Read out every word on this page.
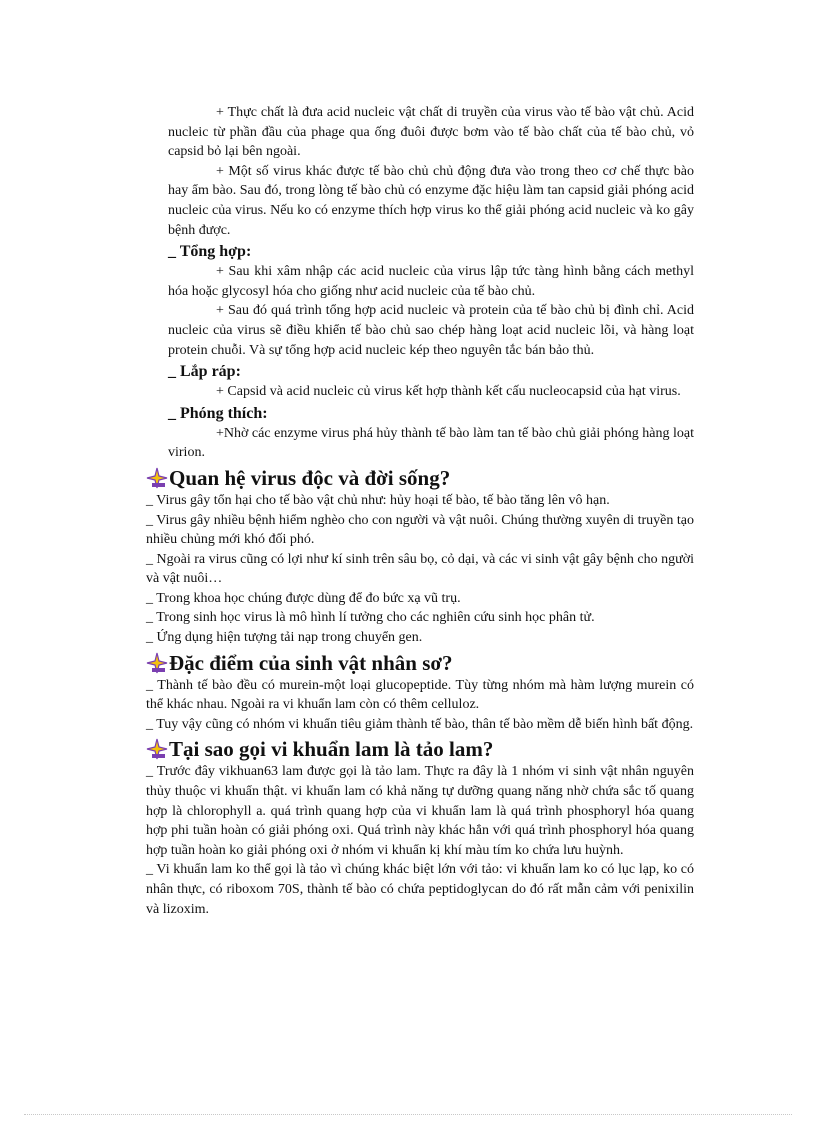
+ Thực chất là đưa acid nucleic vật chất di truyền của virus vào tế bào vật chủ. Acid nucleic từ phần đầu của phage qua ống đuôi được bơm vào tế bào chất của tế bào chủ, vỏ capsid bỏ lại bên ngoài.

+ Một số virus khác được tế bào chủ chủ động đưa vào trong theo cơ chế thực bào hay ẩm bào. Sau đó, trong lòng tế bào chủ có enzyme đặc hiệu làm tan capsid giải phóng acid nucleic của virus. Nếu ko có enzyme thích hợp virus ko thể giải phóng acid nucleic và ko gây bệnh được.

_ Tổng hợp:

+ Sau khi xâm nhập các acid nucleic của virus lập tức tàng hình bằng cách methyl hóa hoặc glycosyl hóa cho giống như acid nucleic của tế bào chủ.

+ Sau đó quá trình tổng hợp acid nucleic và protein của tế bào chủ bị đình chỉ. Acid nucleic của virus sẽ điều khiển tế bào chủ sao chép hàng loạt acid nucleic lõi, và hàng loạt protein chuỗi. Và sự tổng hợp acid nucleic kép theo nguyên tắc bán bảo thủ.

_ Lắp ráp:

+ Capsid và acid nucleic củ virus kết hợp thành kết cấu nucleocapsid của hạt virus.

_ Phóng thích:

+Nhờ các enzyme virus phá hủy thành tế bào làm tan tế bào chủ giải phóng hàng loạt virion.

Quan hệ virus độc và đời sống?

_ Virus gây tổn hại cho tế bào vật chủ như: hủy hoại tế bào, tế bào tăng lên vô hạn.

_ Virus gây nhiều bệnh hiểm nghèo cho con người và vật nuôi. Chúng thường xuyên di truyền tạo nhiều chủng mới khó đối phó.

_ Ngoài ra virus cũng có lợi như kí sinh trên sâu bọ, cỏ dại, và các vi sinh vật gây bệnh cho người và vật nuôi…

_ Trong khoa học chúng được dùng để đo bức xạ vũ trụ.

_ Trong sinh học virus là mô hình lí tưởng cho các nghiên cứu sinh học phân tử.

_ Ứng dụng hiện tượng tải nạp trong chuyển gen.

Đặc điểm của sinh vật nhân sơ?

_ Thành tế bào đều có murein-một loại glucopeptide. Tùy từng nhóm mà hàm lượng murein có thể khác nhau. Ngoài ra vi khuẩn lam còn có thêm celluloz.

_ Tuy vậy cũng có nhóm vi khuẩn tiêu giảm thành tế bào, thân tế bào mềm dễ biến hình bất động.

Tại sao gọi vi khuẩn lam là tảo lam?

_ Trước đây vikhuan63 lam được gọi là tảo lam. Thực ra đây là 1 nhóm vi sinh vật nhân nguyên thủy thuộc vi khuẩn thật. vi khuẩn lam có khả năng tự dưỡng quang năng nhờ chứa sắc tố quang hợp là chlorophyll a. quá trình quang hợp của vi khuẩn lam là quá trình phosphoryl hóa quang hợp phi tuần hoàn có giải phóng oxi. Quá trình này khác hẳn với quá trình phosphoryl hóa quang hợp tuần hoàn ko giải phóng oxi ở nhóm vi khuẩn kị khí màu tím ko chứa lưu huỳnh.

_ Vi khuẩn lam ko thể gọi là tảo vì chúng khác biệt lớn với tảo: vi khuẩn lam ko có lục lạp, ko có nhân thực, có riboxom 70S, thành tế bào có chứa peptidoglycan do đó rất mẫn cảm với penixilin và lizoxim.
